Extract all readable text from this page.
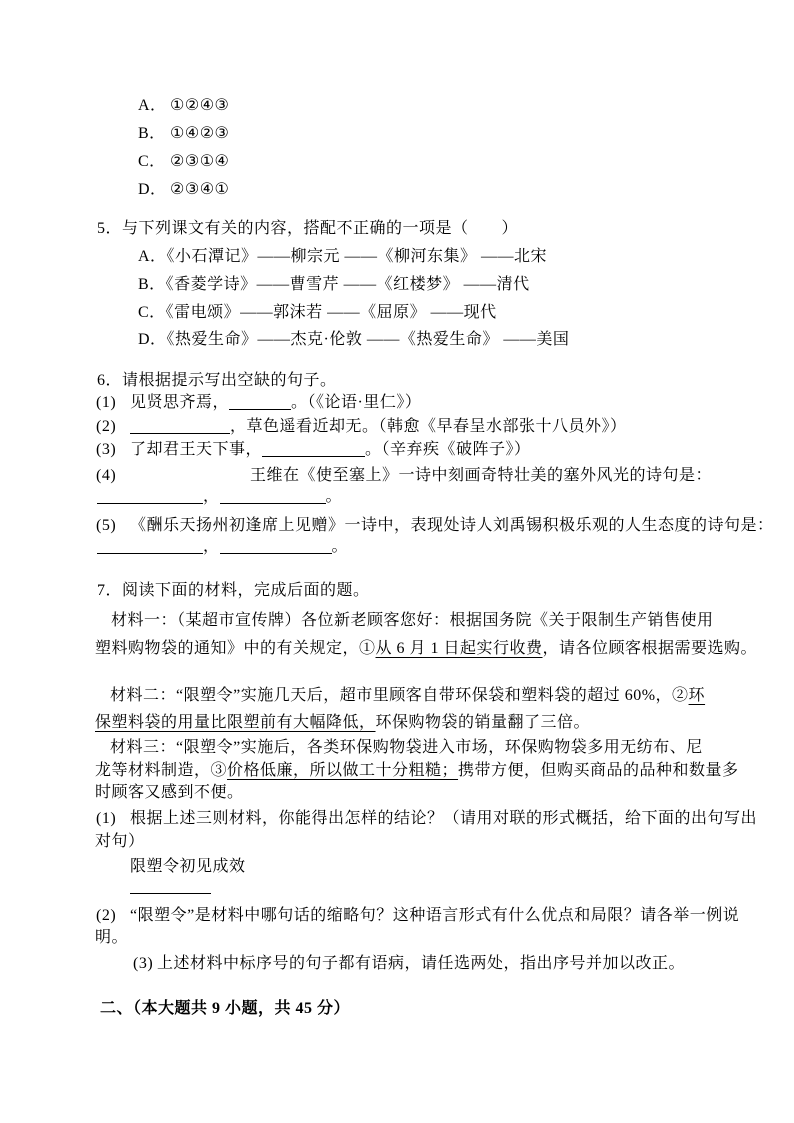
A． ①②④③
B． ①④②③
C． ②③①④
D． ②③④①
5．与下列课文有关的内容，搭配不正确的一项是（　　）
A．《小石潭记》——柳宗元 ——《柳河东集》 ——北宋
B．《香菱学诗》——曹雪芹 ——《红楼梦》 ——清代
C．《雷电颂》——郭沫若 ——《屈原》 ——现代
D．《热爱生命》——杰克·伦敦 ——《热爱生命》 ——美国
6．请根据提示写出空缺的句子。
(1) 见贤思齐焉，	。（《论语·里仁》）
(2)	，草色遥看近却无。（韩愈《早春呈水部张十八员外》）
(3) 了却君王天下事，	。（辛弃疾《破阵子》）
(4)	王维在《使至塞上》一诗中刻画奇特壮美的塞外风光的诗句是：
，	。
(5) 《酬乐天扬州初逢席上见赠》一诗中，表现处诗人刘禹锡积极乐观的人生态度的诗句是：
，	。
7．阅读下面的材料，完成后面的题。
材料一：（某超市宣传牌）各位新老顾客您好：根据国务院《关于限制生产销售使用
塑料购物袋的通知》中的有关规定，①从 6 月 1 日起实行收费，请各位顾客根据需要选购。
材料二：“限塑令”实施几天后，超市里顾客自带环保袋和塑料袋的超过 60%，②环
保塑料袋的用量比限塑前有大幅降低，环保购物袋的销量翻了三倍。
材料三：“限塑令”实施后，各类环保购物袋进入市场，环保购物袋多用无纺布、尼
龙等材料制造，③价格低廉，所以做工十分粗糙；携带方便，但购买商品的品种和数量多
时顾客又感到不便。
(1) 根据上述三则材料，你能得出怎样的结论？（请用对联的形式概括，给下面的出句写出
对句）
限塑令初见成效
(2) “限塑令”是材料中哪句话的缩略句？这种语言形式有什么优点和局限？请各举一例说
明。
(3) 上述材料中标序号的句子都有语病，请任选两处，指出序号并加以改正。
二、（本大题共 9 小题，共 45 分）
